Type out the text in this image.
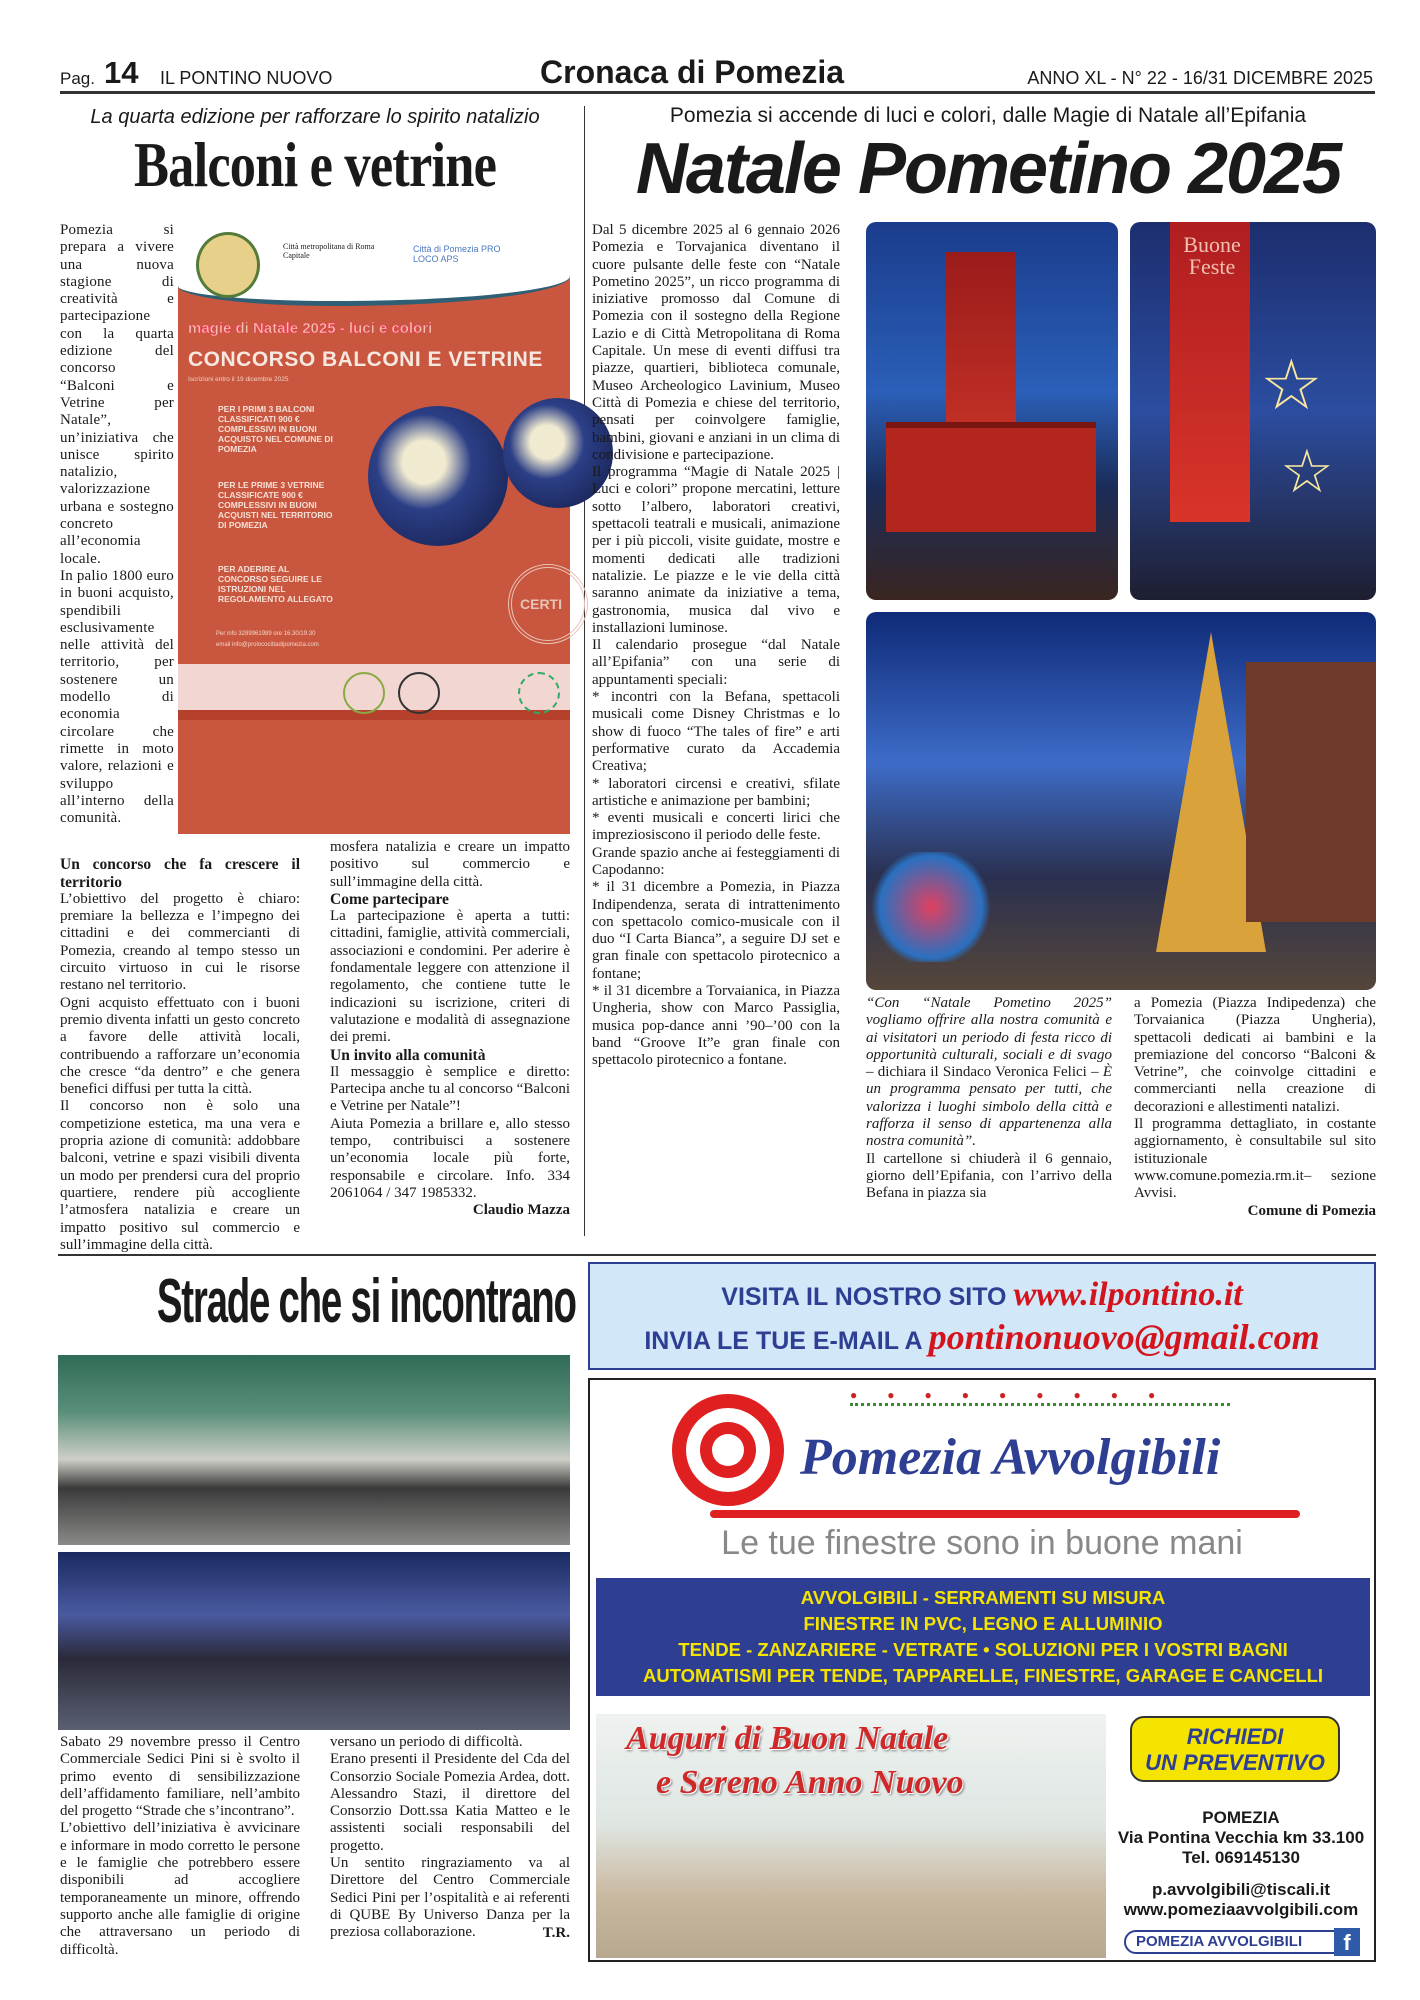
Pag. 14 IL PONTINO NUOVO	Cronaca di Pomezia	ANNO XL - N° 22 - 16/31 DICEMBRE 2025
La quarta edizione per rafforzare lo spirito natalizio
Balconi e vetrine

Pomezia si prepara a vivere una nuova stagione di creatività e partecipazione con la quarta edizione del concorso “Balconi e Vetrine per Natale”, un’iniziativa che unisce spirito natalizio, valorizzazione urbana e sostegno concreto all’economia locale.

In palio 1800 euro in buoni acquisto, spendibili esclusivamente nelle attività del territorio, per sostenere un modello di economia circolare che rimette in moto valore, relazioni e sviluppo all’interno della comunità.

Città metropolitana di Roma Capitale
Città di Pomezia PRO LOCO APS
magie di Natale 2025 - luci e colori
CONCORSO BALCONI E VETRINE
Iscrizioni entro il 19 dicembre 2025
PER I PRIMI 3 BALCONI CLASSIFICATI 900 € COMPLESSIVI IN BUONI ACQUISTO NEL COMUNE DI POMEZIA
PER LE PRIME 3 VETRINE CLASSIFICATE 900 € COMPLESSIVI IN BUONI ACQUISTI NEL TERRITORIO DI POMEZIA
PER ADERIRE AL CONCORSO SEGUIRE LE ISTRUZIONI NEL REGOLAMENTO ALLEGATO
Per info 3289961989 ore 16.30/19.30
email info@prolococittadipomezia.com
CERTI

Un concorso che fa crescere il territorio

L’obiettivo del progetto è chiaro: premiare la bellezza e l’impegno dei cittadini e dei commercianti di Pomezia, creando al tempo stesso un circuito virtuoso in cui le risorse restano nel territorio.

Ogni acquisto effettuato con i buoni premio diventa infatti un gesto concreto a favore delle attività locali, contribuendo a rafforzare un’economia che cresce “da dentro” e che genera benefici diffusi per tutta la città.

Il concorso non è solo una competizione estetica, ma una vera e propria azione di comunità: addobbare balconi, vetrine e spazi visibili diventa un modo per prendersi cura del proprio quartiere, rendere più accogliente l’atmosfera natalizia e creare un impatto positivo sul commercio e sull’immagine della città.

mosfera natalizia e creare un impatto positivo sul commercio e sull’immagine della città.

Come partecipare

La partecipazione è aperta a tutti: cittadini, famiglie, attività commerciali, associazioni e condomini. Per aderire è fondamentale leggere con attenzione il regolamento, che contiene tutte le indicazioni su iscrizione, criteri di valutazione e modalità di assegnazione dei premi.

Un invito alla comunità

Il messaggio è semplice e diretto: Partecipa anche tu al concorso “Balconi e Vetrine per Natale”!

Aiuta Pomezia a brillare e, allo stesso tempo, contribuisci a sostenere un’economia locale più forte, responsabile e circolare. Info. 334 2061064 / 347 1985332.

Claudio Mazza

Pomezia si accende di luci e colori, dalle Magie di Natale all’Epifania
Natale Pometino 2025

Dal 5 dicembre 2025 al 6 gennaio 2026 Pomezia e Torvajanica diventano il cuore pulsante delle feste con “Natale Pometino 2025”, un ricco programma di iniziative promosso dal Comune di Pomezia con il sostegno della Regione Lazio e di Città Metropolitana di Roma Capitale. Un mese di eventi diffusi tra piazze, quartieri, biblioteca comunale, Museo Archeologico Lavinium, Museo Città di Pomezia e chiese del territorio, pensati per coinvolgere famiglie, bambini, giovani e anziani in un clima di condivisione e partecipazione.

Il programma “Magie di Natale 2025 | Luci e colori” propone mercatini, letture sotto l’albero, laboratori creativi, spettacoli teatrali e musicali, animazione per i più piccoli, visite guidate, mostre e momenti dedicati alle tradizioni natalizie. Le piazze e le vie della città saranno animate da iniziative a tema, gastronomia, musica dal vivo e installazioni luminose.

Il calendario prosegue “dal Natale all’Epifania” con una serie di appuntamenti speciali:

* incontri con la Befana, spettacoli musicali come Disney Christmas e lo show di fuoco “The tales of fire” e arti performative curato da Accademia Creativa;

* laboratori circensi e creativi, sfilate artistiche e animazione per bambini;

* eventi musicali e concerti lirici che impreziosiscono il periodo delle feste.

Grande spazio anche ai festeggiamenti di Capodanno:

* il 31 dicembre a Pomezia, in Piazza Indipendenza, serata di intrattenimento con spettacolo comico-musicale con il duo “I Carta Bianca”, a seguire DJ set e gran finale con spettacolo pirotecnico a fontane;

* il 31 dicembre a Torvaianica, in Piazza Ungheria, show con Marco Passiglia, musica pop-dance anni ’90–’00 con la band “Groove It”e gran finale con spettacolo pirotecnico a fontane.

Buone Feste
☆
☆

“Con “Natale Pometino 2025” vogliamo offrire alla nostra comunità e ai visitatori un periodo di festa ricco di opportunità culturali, sociali e di svago – dichiara il Sindaco Veronica Felici – È un programma pensato per tutti, che valorizza i luoghi simbolo della città e rafforza il senso di appartenenza alla nostra comunità”.

Il cartellone si chiuderà il 6 gennaio, giorno dell’Epifania, con l’arrivo della Befana in piazza sia

a Pomezia (Piazza Indipedenza) che Torvaianica (Piazza Ungheria), spettacoli dedicati ai bambini e la premiazione del concorso “Balconi & Vetrine”, che coinvolge cittadini e commercianti nella creazione di decorazioni e allestimenti natalizi.

Il programma dettagliato, in costante aggiornamento, è consultabile sul sito istituzionale www.comune.pomezia.rm.it– sezione Avvisi.

Comune di Pomezia

Strade che si incontrano

Sabato 29 novembre presso il Centro Commerciale Sedici Pini si è svolto il primo evento di sensibilizzazione dell’affidamento familiare, nell’ambito del progetto “Strade che s’incontrano”.

L’obiettivo dell’iniziativa è avvicinare e informare in modo corretto le persone e le famiglie che potrebbero essere disponibili ad accogliere temporaneamente un minore, offrendo supporto anche alle famiglie di origine che attraversano un periodo di difficoltà.

versano un periodo di difficoltà.

Erano presenti il Presidente del Cda del Consorzio Sociale Pomezia Ardea, dott. Alessandro Stazi, il direttore del Consorzio Dott.ssa Katia Matteo e le assistenti sociali responsabili del progetto.

Un sentito ringraziamento va al Direttore del Centro Commerciale Sedici Pini per l’ospitalità e ai referenti di QUBE By Universo Danza per la preziosa collaborazione.	T.R.

VISITA IL NOSTRO SITO www.ilpontino.it
INVIA LE TUE E-MAIL A pontinonuovo@gmail.com
●●●●●●●●●
Pomezia Avvolgibili
Le tue finestre sono in buone mani
AVVOLGIBILI - SERRAMENTI SU MISURA
FINESTRE IN PVC, LEGNO E ALLUMINIO
TENDE - ZANZARIERE - VETRATE • SOLUZIONI PER I VOSTRI BAGNI
AUTOMATISMI PER TENDE, TAPPARELLE, FINESTRE, GARAGE E CANCELLI
Auguri di Buon Natale
e Sereno Anno Nuovo
RICHIEDI
UN PREVENTIVO
POMEZIA
Via Pontina Vecchia km 33.100
Tel. 069145130
p.avvolgibili@tiscali.it
www.pomeziaavvolgibili.com
POMEZIA AVVOLGIBILI	f
